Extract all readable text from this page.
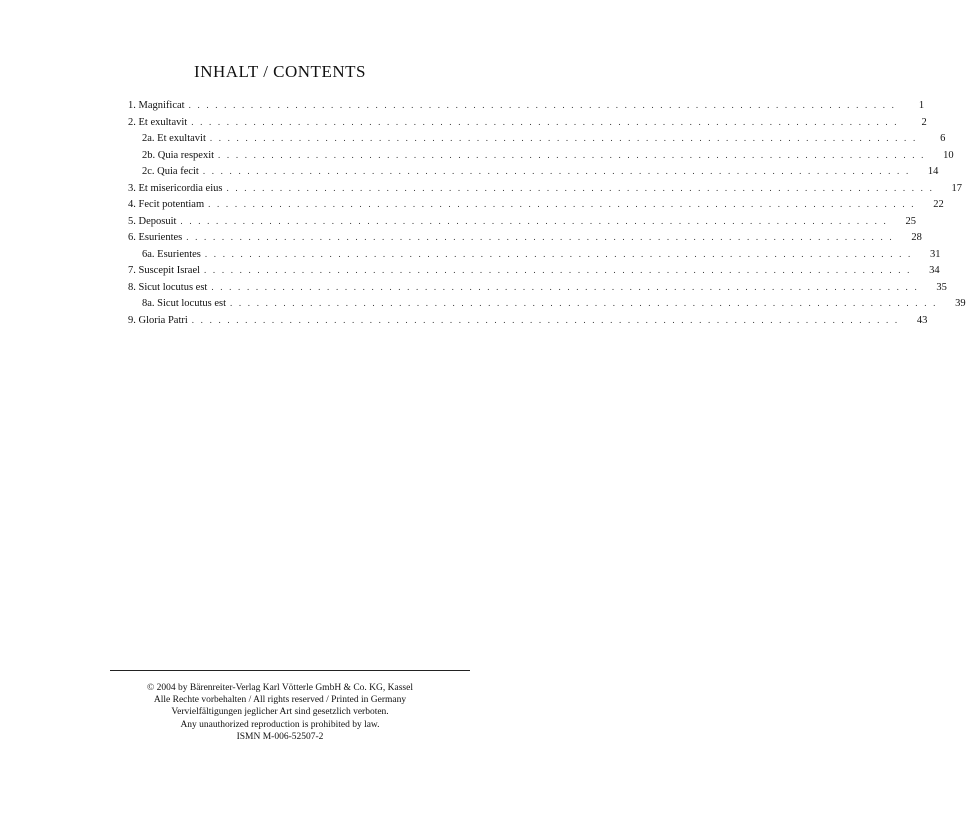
INHALT / CONTENTS
1. Magnificat . . . . . . . . . . . . . . . . . . . . . . . . . . . . . . . . . . . . . . . . . . . . . . . . . . . . . . . . . . . . . . . . . . . . . . . . . . . . . . . .	1
2. Et exultavit . . . . . . . . . . . . . . . . . . . . . . . . . . . . . . . . . . . . . . . . . . . . . . . . . . . . . . . . . . . . . . . . . . . . . . . . . . . . . . . .	2
2a. Et exultavit . . . . . . . . . . . . . . . . . . . . . . . . . . . . . . . . . . . . . . . . . . . . . . . . . . . . . . . . . . . . . . . . . . . . . . . . . . . . . . . .	6
2b. Quia respexit . . . . . . . . . . . . . . . . . . . . . . . . . . . . . . . . . . . . . . . . . . . . . . . . . . . . . . . . . . . . . . . . . . . . . . . . . . . . . . . .	10
2c. Quia fecit . . . . . . . . . . . . . . . . . . . . . . . . . . . . . . . . . . . . . . . . . . . . . . . . . . . . . . . . . . . . . . . . . . . . . . . . . . . . . . . .	14
3. Et misericordia eius . . . . . . . . . . . . . . . . . . . . . . . . . . . . . . . . . . . . . . . . . . . . . . . . . . . . . . . . . . . . . . . . . . . . . . . . . . . . . . . .	17
4. Fecit potentiam . . . . . . . . . . . . . . . . . . . . . . . . . . . . . . . . . . . . . . . . . . . . . . . . . . . . . . . . . . . . . . . . . . . . . . . . . . . . . . . .	22
5. Deposuit . . . . . . . . . . . . . . . . . . . . . . . . . . . . . . . . . . . . . . . . . . . . . . . . . . . . . . . . . . . . . . . . . . . . . . . . . . . . . . . .	25
6. Esurientes . . . . . . . . . . . . . . . . . . . . . . . . . . . . . . . . . . . . . . . . . . . . . . . . . . . . . . . . . . . . . . . . . . . . . . . . . . . . . . . .	28
6a. Esurientes . . . . . . . . . . . . . . . . . . . . . . . . . . . . . . . . . . . . . . . . . . . . . . . . . . . . . . . . . . . . . . . . . . . . . . . . . . . . . . . .	31
7. Suscepit Israel . . . . . . . . . . . . . . . . . . . . . . . . . . . . . . . . . . . . . . . . . . . . . . . . . . . . . . . . . . . . . . . . . . . . . . . . . . . . . . . .	34
8. Sicut locutus est . . . . . . . . . . . . . . . . . . . . . . . . . . . . . . . . . . . . . . . . . . . . . . . . . . . . . . . . . . . . . . . . . . . . . . . . . . . . . . . .	35
8a. Sicut locutus est . . . . . . . . . . . . . . . . . . . . . . . . . . . . . . . . . . . . . . . . . . . . . . . . . . . . . . . . . . . . . . . . . . . . . . . . . . . . . . . .	39
9. Gloria Patri . . . . . . . . . . . . . . . . . . . . . . . . . . . . . . . . . . . . . . . . . . . . . . . . . . . . . . . . . . . . . . . . . . . . . . . . . . . . . . . .	43
© 2004 by Bärenreiter-Verlag Karl Vötterle GmbH & Co. KG, Kassel
Alle Rechte vorbehalten / All rights reserved / Printed in Germany
Vervielfältigungen jeglicher Art sind gesetzlich verboten.
Any unauthorized reproduction is prohibited by law.
ISMN M-006-52507-2
